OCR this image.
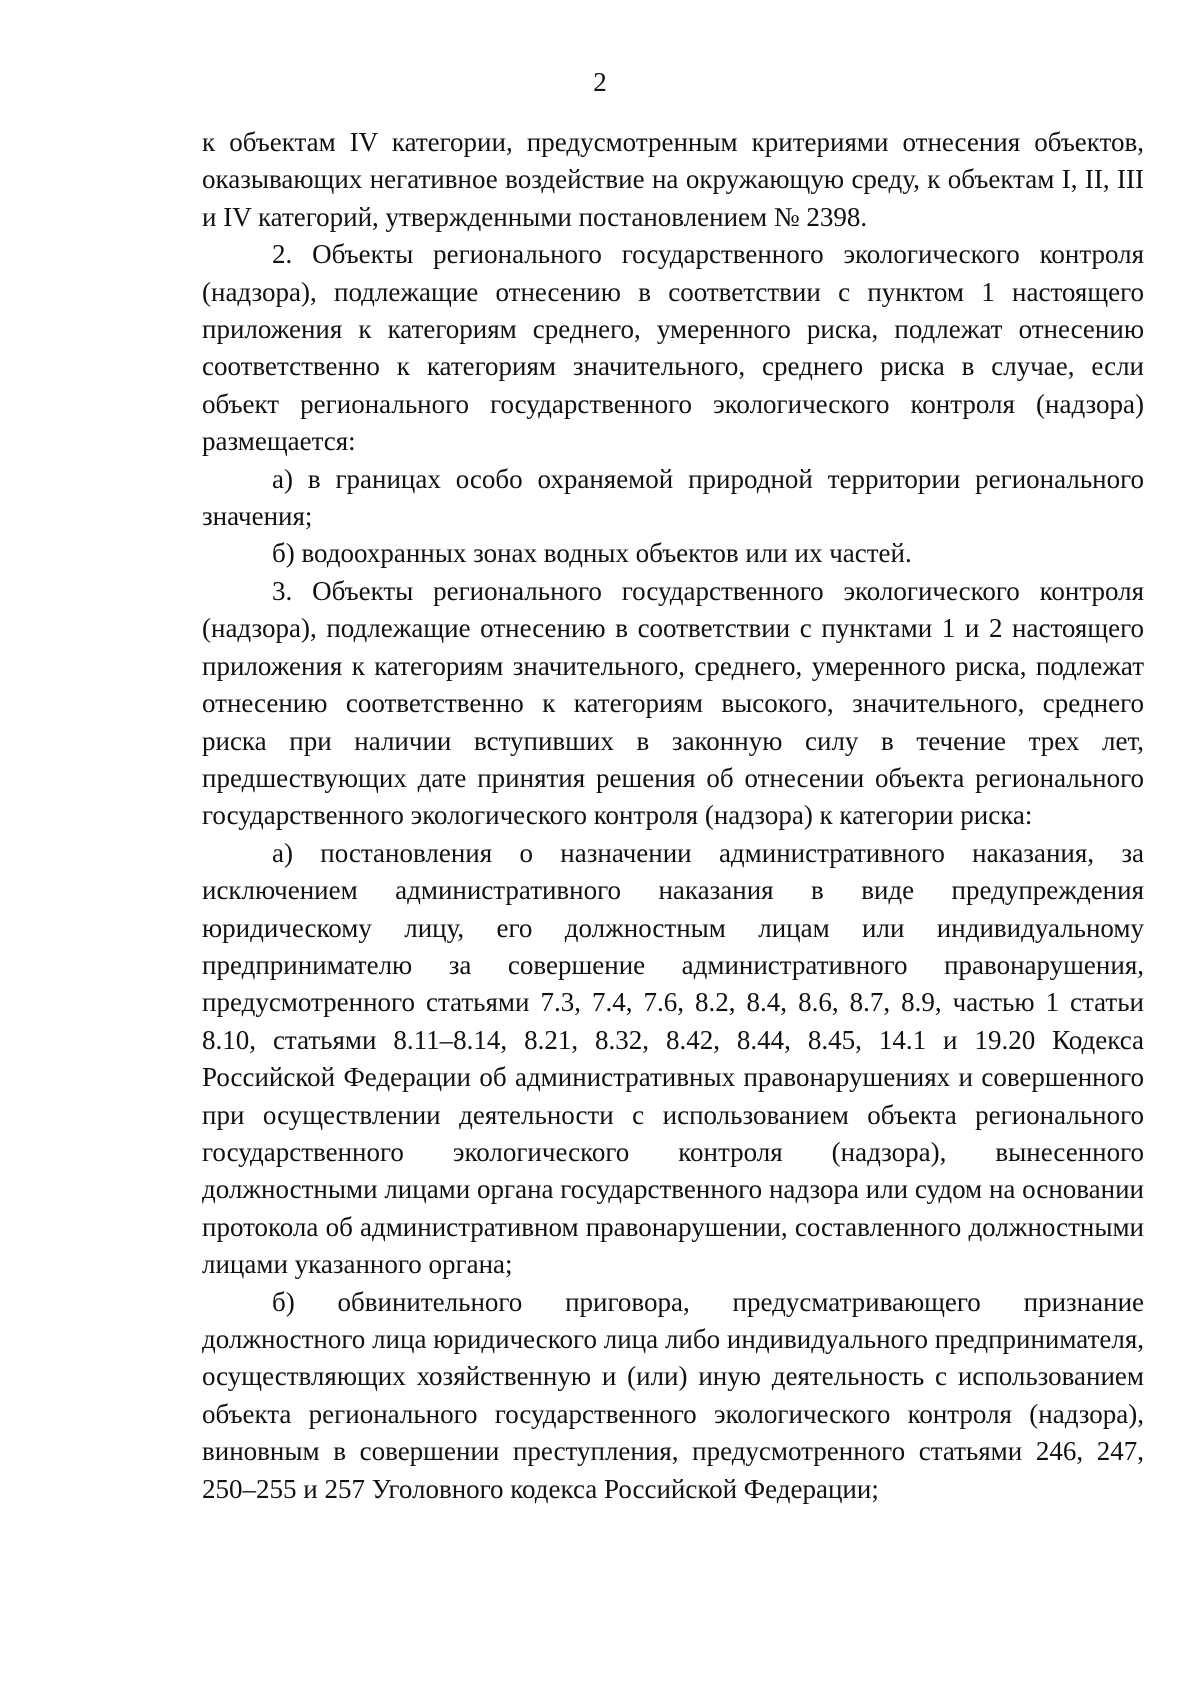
2

к объектам IV категории, предусмотренным критериями отнесения объектов, оказывающих негативное воздействие на окружающую среду, к объектам I, II, III и IV категорий, утвержденными постановлением № 2398.

2. Объекты регионального государственного экологического контроля (надзора), подлежащие отнесению в соответствии с пунктом 1 настоящего приложения к категориям среднего, умеренного риска, подлежат отнесению соответственно к категориям значительного, среднего риска в случае, если объект регионального государственного экологического контроля (надзора) размещается:

а) в границах особо охраняемой природной территории регионального значения;

б) водоохранных зонах водных объектов или их частей.

3. Объекты регионального государственного экологического контроля (надзора), подлежащие отнесению в соответствии с пунктами 1 и 2 настоящего приложения к категориям значительного, среднего, умеренного риска, подлежат отнесению соответственно к категориям высокого, значительного, среднего риска при наличии вступивших в законную силу в течение трех лет, предшествующих дате принятия решения об отнесении объекта регионального государственного экологического контроля (надзора) к категории риска:

а) постановления о назначении административного наказания, за исключением административного наказания в виде предупреждения юридическому лицу, его должностным лицам или индивидуальному предпринимателю за совершение административного правонарушения, предусмотренного статьями 7.3, 7.4, 7.6, 8.2, 8.4, 8.6, 8.7, 8.9, частью 1 статьи 8.10, статьями 8.11–8.14, 8.21, 8.32, 8.42, 8.44, 8.45, 14.1 и 19.20 Кодекса Российской Федерации об административных правонарушениях и совершенного при осуществлении деятельности с использованием объекта регионального государственного экологического контроля (надзора), вынесенного должностными лицами органа государственного надзора или судом на основании протокола об административном правонарушении, составленного должностными лицами указанного органа;

б) обвинительного приговора, предусматривающего признание должностного лица юридического лица либо индивидуального предпринимателя, осуществляющих хозяйственную и (или) иную деятельность с использованием объекта регионального государственного экологического контроля (надзора), виновным в совершении преступления, предусмотренного статьями 246, 247, 250–255 и 257 Уголовного кодекса Российской Федерации;
